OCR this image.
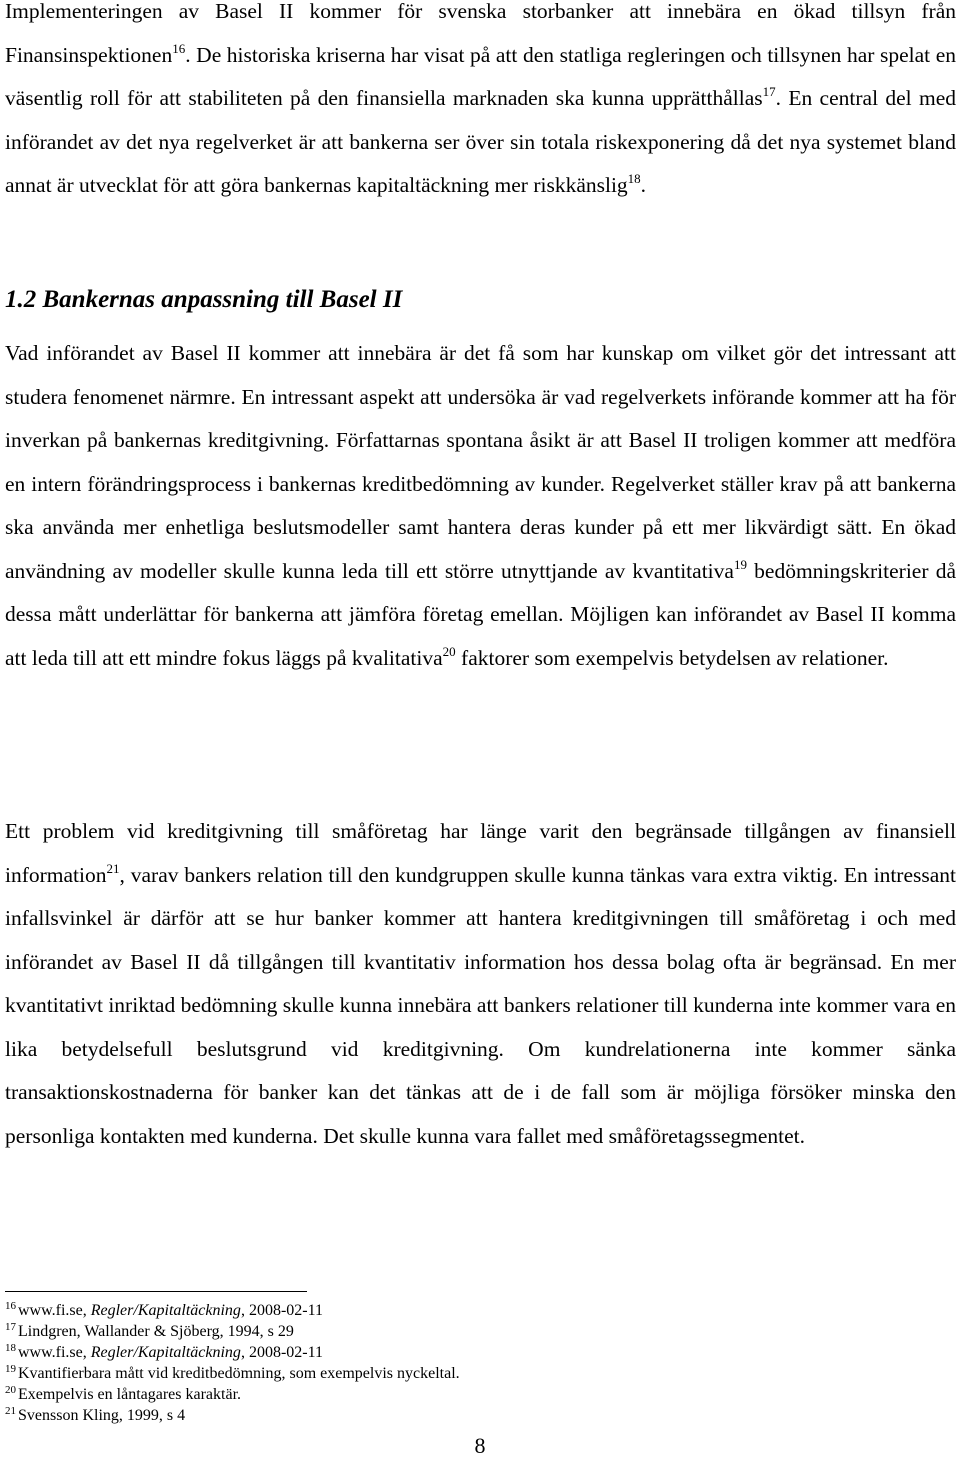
Implementeringen av Basel II kommer för svenska storbanker att innebära en ökad tillsyn från Finansinspektionen$^{16}$. De historiska kriserna har visat på att den statliga regleringen och tillsynen har spelat en väsentlig roll för att stabiliteten på den finansiella marknaden ska kunna upprätthållas$^{17}$. En central del med införandet av det nya regelverket är att bankerna ser över sin totala riskexponering då det nya systemet bland annat är utvecklat för att göra bankernas kapitaltäckning mer riskkänslig$^{18}$.

1.2 Bankernas anpassning till Basel II

Vad införandet av Basel II kommer att innebära är det få som har kunskap om vilket gör det intressant att studera fenomenet närmre. En intressant aspekt att undersöka är vad regelverkets införande kommer att ha för inverkan på bankernas kreditgivning. Författarnas spontana åsikt är att Basel II troligen kommer att medföra en intern förändringsprocess i bankernas kreditbedömning av kunder. Regelverket ställer krav på att bankerna ska använda mer enhetliga beslutsmodeller samt hantera deras kunder på ett mer likvärdigt sätt. En ökad användning av modeller skulle kunna leda till ett större utnyttjande av kvantitativa$^{19}$ bedömningskriterier då dessa mått underlättar för bankerna att jämföra företag emellan. Möjligen kan införandet av Basel II komma att leda till att ett mindre fokus läggs på kvalitativa$^{20}$ faktorer som exempelvis betydelsen av relationer.

Ett problem vid kreditgivning till småföretag har länge varit den begränsade tillgången av finansiell information$^{21}$, varav bankers relation till den kundgruppen skulle kunna tänkas vara extra viktig. En intressant infallsvinkel är därför att se hur banker kommer att hantera kreditgivningen till småföretag i och med införandet av Basel II då tillgången till kvantitativ information hos dessa bolag ofta är begränsad. En mer kvantitativt inriktad bedömning skulle kunna innebära att bankers relationer till kunderna inte kommer vara en lika betydelsefull beslutsgrund vid kreditgivning. Om kundrelationerna inte kommer sänka transaktionskostnaderna för banker kan det tänkas att de i de fall som är möjliga försöker minska den personliga kontakten med kunderna. Det skulle kunna vara fallet med småföretagssegmentet.

$^{16}$ www.fi.se, Regler/Kapitaltäckning, 2008-02-11
$^{17}$ Lindgren, Wallander & Sjöberg, 1994, s 29
$^{18}$ www.fi.se, Regler/Kapitaltäckning, 2008-02-11
$^{19}$ Kvantifierbara mått vid kreditbedömning, som exempelvis nyckeltal.
$^{20}$ Exempelvis en låntagares karaktär.
$^{21}$ Svensson Kling, 1999, s 4
8
